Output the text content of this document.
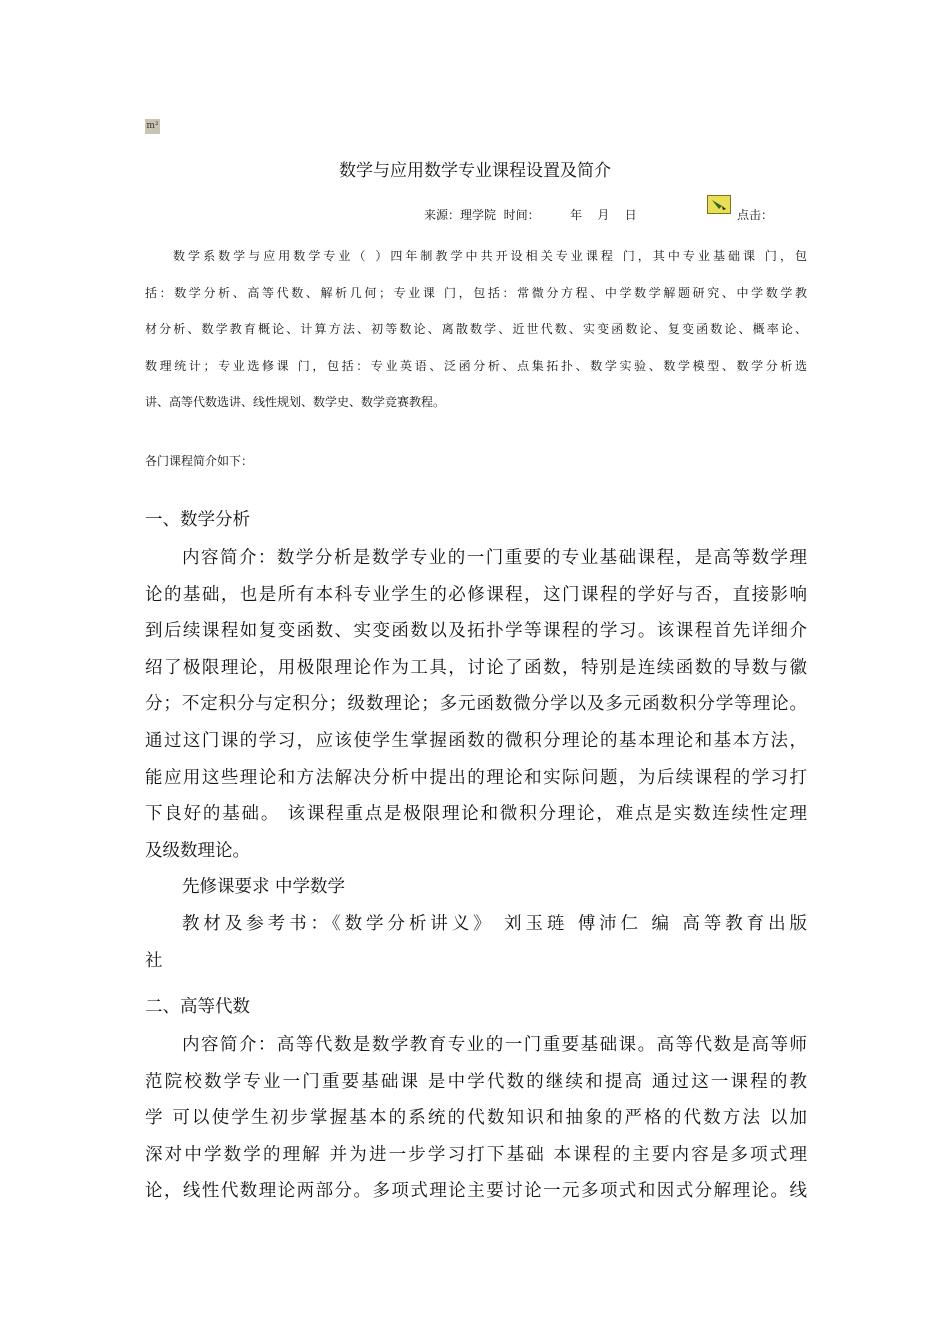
m²
数学与应用数学专业课程设置及简介
来源：理学院  时间：        年    月    日	点击：
数学系数学与应用数学专业（ ）四年制教学中共开设相关专业课程 门，其中专业基础课 门，包
括：数学分析、高等代数、解析几何；专业课 门，包括：常微分方程、中学数学解题研究、中学数学教
材分析、数学教育概论、计算方法、初等数论、离散数学、近世代数、实变函数论、复变函数论、概率论、
数理统计；专业选修课 门，包括：专业英语、泛函分析、点集拓扑、数学实验、数学模型、数学分析选
讲、高等代数选讲、线性规划、数学史、数学竞赛教程。
各门课程简介如下：
一、数学分析
内容简介：数学分析是数学专业的一门重要的专业基础课程，是高等数学理
论的基础，也是所有本科专业学生的必修课程，这门课程的学好与否，直接影响
到后续课程如复变函数、实变函数以及拓扑学等课程的学习。该课程首先详细介
绍了极限理论，用极限理论作为工具，讨论了函数，特别是连续函数的导数与徽
分；不定积分与定积分；级数理论；多元函数微分学以及多元函数积分学等理论。
通过这门课的学习，应该使学生掌握函数的微积分理论的基本理论和基本方法，
能应用这些理论和方法解决分析中提出的理论和实际问题，为后续课程的学习打
下良好的基础。 该课程重点是极限理论和微积分理论，难点是实数连续性定理
及级数理论。
先修课要求 中学数学
教材及参考书：《数学分析讲义》 刘玉琏 傅沛仁 编 高等教育出版
社
二、高等代数
内容简介：高等代数是数学教育专业的一门重要基础课。高等代数是高等师
范院校数学专业一门重要基础课 是中学代数的继续和提高 通过这一课程的教
学 可以使学生初步掌握基本的系统的代数知识和抽象的严格的代数方法 以加
深对中学数学的理解 并为进一步学习打下基础 本课程的主要内容是多项式理
论，线性代数理论两部分。多项式理论主要讨论一元多项式和因式分解理论。线
